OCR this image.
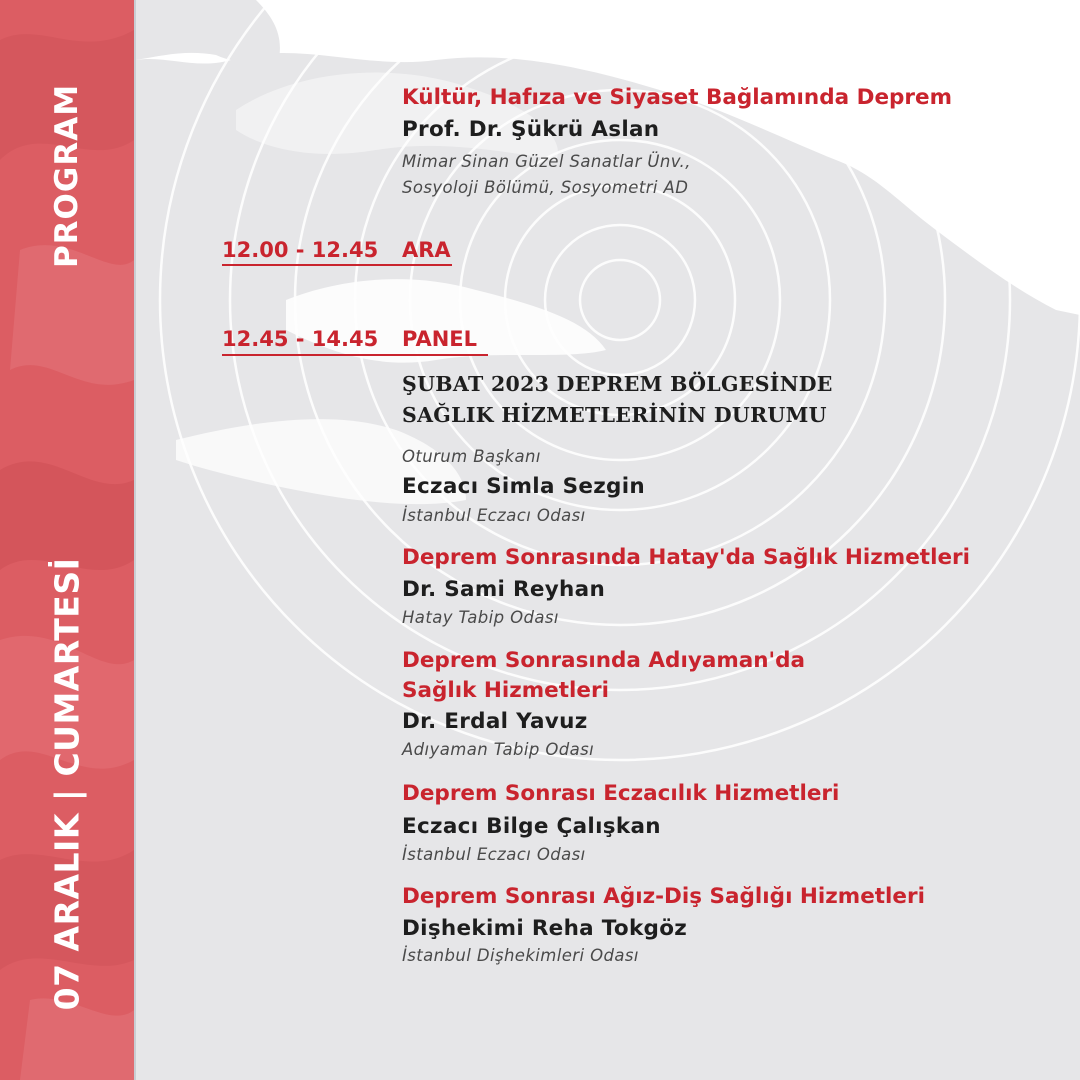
PROGRAM
07 ARALIK | CUMARTESİ
Kültür, Hafıza ve Siyaset Bağlamında Deprem
Prof. Dr. Şükrü Aslan
Mimar Sinan Güzel Sanatlar Ünv.,
Sosyoloji Bölümü, Sosyometri AD
12.00 - 12.45 ARA
12.45 - 14.45 PANEL
ŞUBAT 2023 DEPREM BÖLGESİNDE
SAĞLIK HİZMETLERİNİN DURUMU
Oturum Başkanı
Eczacı Simla Sezgin
İstanbul Eczacı Odası
Deprem Sonrasında Hatay'da Sağlık Hizmetleri
Dr. Sami Reyhan
Hatay Tabip Odası
Deprem Sonrasında Adıyaman'da
Sağlık Hizmetleri
Dr. Erdal Yavuz
Adıyaman Tabip Odası
Deprem Sonrası Eczacılık Hizmetleri
Eczacı Bilge Çalışkan
İstanbul Eczacı Odası
Deprem Sonrası Ağız-Diş Sağlığı Hizmetleri
Dişhekimi Reha Tokgöz
İstanbul Dişhekimleri Odası
